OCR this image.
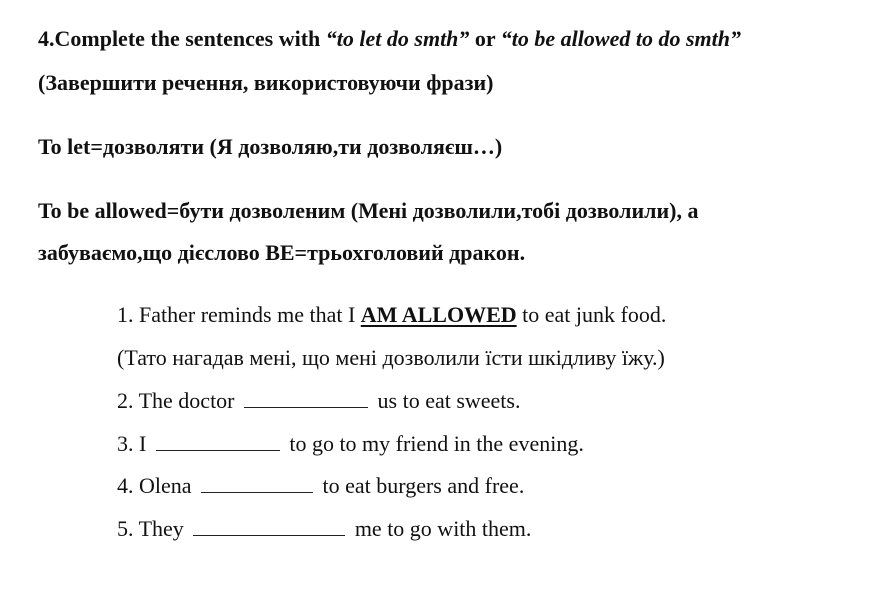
4.Complete the sentences with “to let do smth” or “to be allowed to do smth”
(Завершити речення, використовуючи фрази)
To let=дозволяти (Я дозволяю,ти дозволяєш…)
To be allowed=бути дозволеним (Мені дозволили,тобі дозволили), а
забуваємо,що дієслово BE=трьохголовий дракон.
1. Father reminds me that I AM ALLOWED to eat junk food.
(Тато нагадав мені, що мені дозволили їсти шкідливу їжу.)
2. The doctor	us to eat sweets.
3. I	to go to my friend in the evening.
4. Olena	to eat burgers and free.
5. They	me to go with them.
